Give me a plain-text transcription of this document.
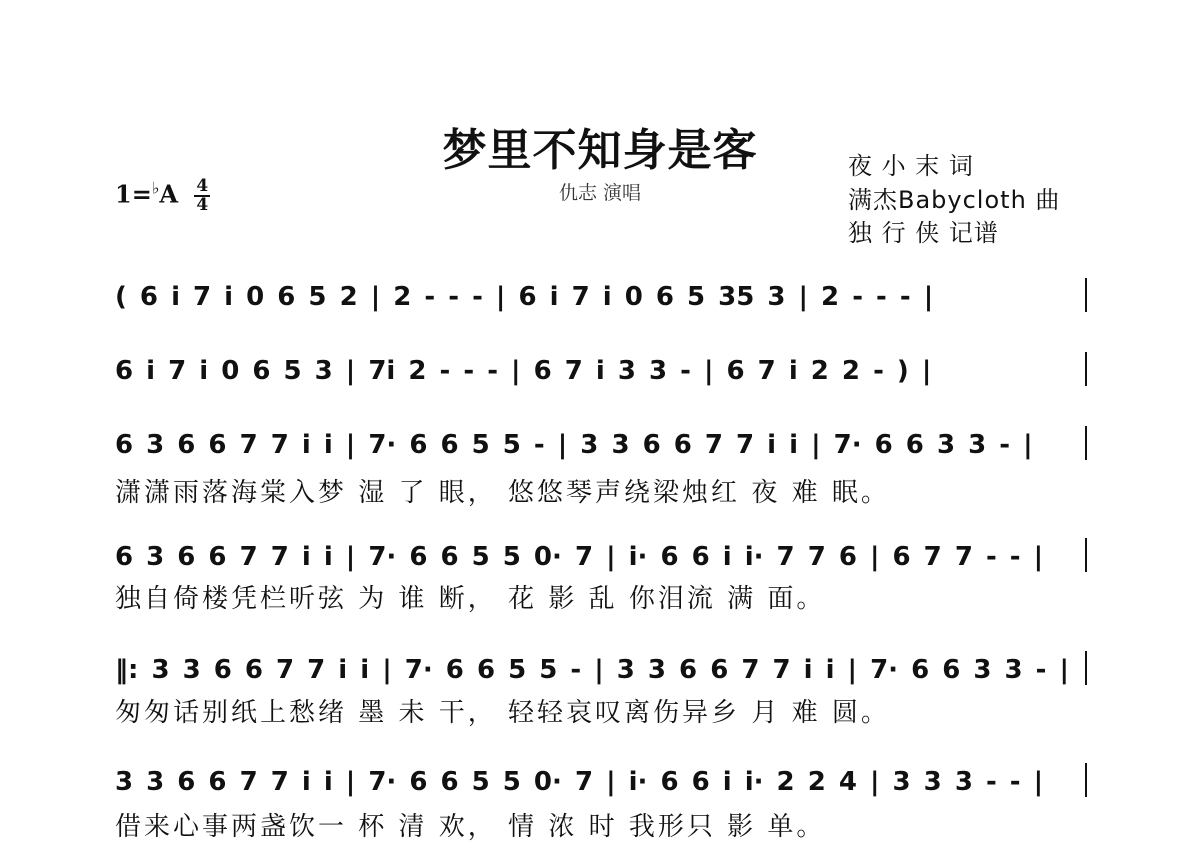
梦里不知身是客
仇志 演唱
夜 小 末 词
满杰Babycloth 曲
独 行 侠 记谱
$1=^♭A \frac{4}{4}$
( 6 i 7 i 0 6 5 2 | 2 - - - | 6 i 7 i 0 6 5 35 3 | 2 - - - |
6 i 7 i 0 6 5 3 | 7i 2 - - - | 6 7 i 3 3 - | 6 7 i 2 2 - ) |
6 3 6 6 7 7 i i | 7· 6 6 5 5 - | 3 3 6 6 7 7 i i | 7· 6 6 3 3 - |
潇潇雨落海棠入梦 湿 了 眼， 悠悠琴声绕梁烛红 夜 难 眠。
6 3 6 6 7 7 i i | 7· 6 6 5 5 0· 7 | i· 6 6 i i· 7 7 6 | 6 7 7 - - |
独自倚楼凭栏听弦 为 谁 断， 花 影 乱 你泪流 满 面。
‖: 3 3 6 6 7 7 i i | 7· 6 6 5 5 - | 3 3 6 6 7 7 i i | 7· 6 6 3 3 - |
匆匆话别纸上愁绪 墨 未 干， 轻轻哀叹离伤异乡 月 难 圆。
3 3 6 6 7 7 i i | 7· 6 6 5 5 0· 7 | i· 6 6 i i· 2 2 4 | 3 3 3 - - |
借来心事两盏饮一 杯 清 欢， 情 浓 时 我形只 影 单。
